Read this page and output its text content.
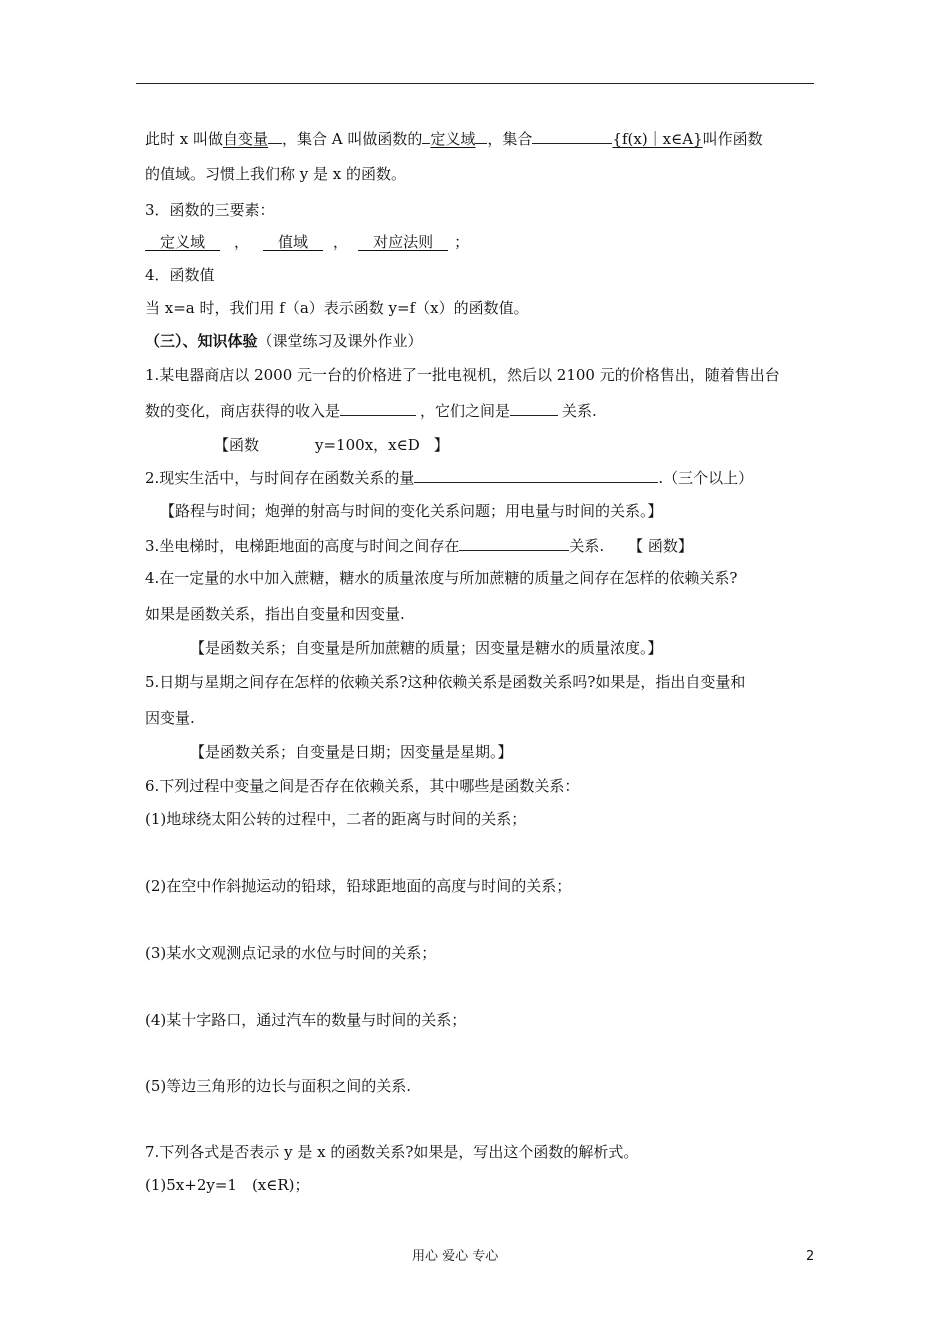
此时 x 叫做自变量 ，集合 A 叫做函数的 定义域 ，集合	{f(x)｜x∈A}叫作函数
的值域。习惯上我们称 y 是 x 的函数。
3．函数的三要素：
 定义域  ，  值域  ，  对应法则  ；
4．函数值
当 x=a 时，我们用 f（a）表示函数 y=f（x）的函数值。
（三）、知识体验（课堂练习及课外作业）
1.某电器商店以 2000 元一台的价格进了一批电视机，然后以 2100 元的价格售出，随着售出台
数的变化，商店获得的收入是	，它们之间是	关系.
【函数	y=100x，x∈D 】
2.现实生活中，与时间存在函数关系的量	.（三个以上）
【路程与时间；炮弹的射高与时间的变化关系问题；用电量与时间的关系。】
3.坐电梯时，电梯距地面的高度与时间之间存在	关系. 【 函数】
4.在一定量的水中加入蔗糖，糖水的质量浓度与所加蔗糖的质量之间存在怎样的依赖关系?
如果是函数关系，指出自变量和因变量.
【是函数关系；自变量是所加蔗糖的质量；因变量是糖水的质量浓度。】
5.日期与星期之间存在怎样的依赖关系?这种依赖关系是函数关系吗?如果是，指出自变量和
因变量.
【是函数关系；自变量是日期；因变量是星期。】
6.下列过程中变量之间是否存在依赖关系，其中哪些是函数关系：
(1)地球绕太阳公转的过程中，二者的距离与时间的关系；
(2)在空中作斜抛运动的铅球，铅球距地面的高度与时间的关系；
(3)某水文观测点记录的水位与时间的关系；
(4)某十字路口，通过汽车的数量与时间的关系；
(5)等边三角形的边长与面积之间的关系.
7.下列各式是否表示 y 是 x 的函数关系?如果是，写出这个函数的解析式。
(1)5x+2y=1　(x∈R)；
用心 爱心 专心	2
